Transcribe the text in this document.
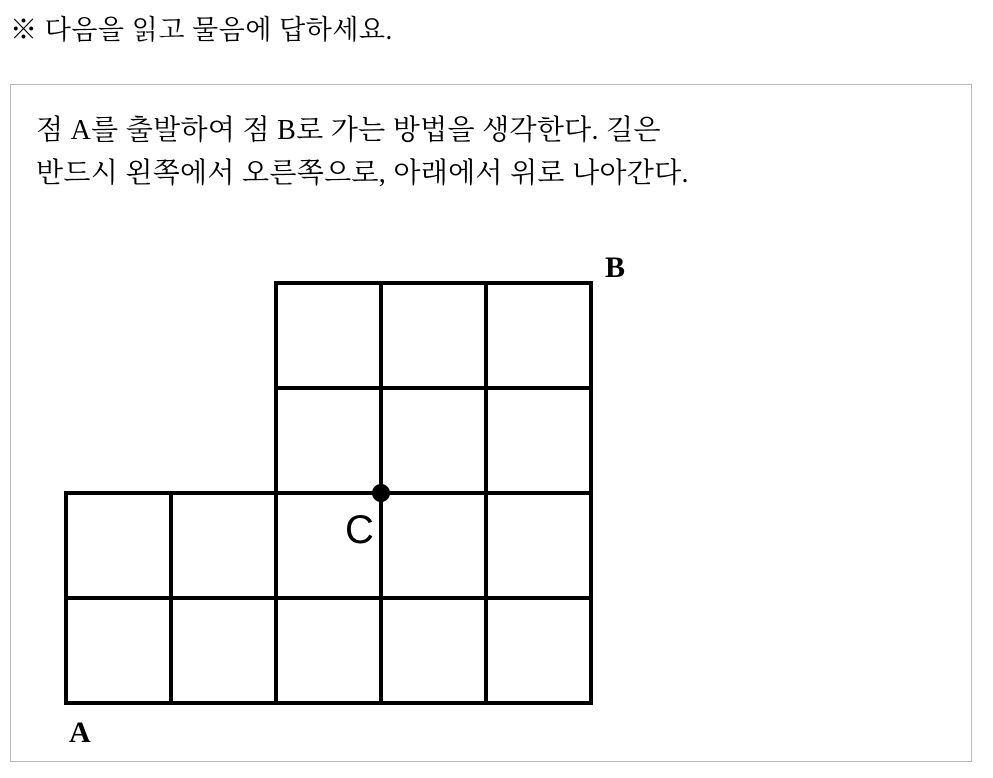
※ 다음을 읽고 물음에 답하세요.
점 A를 출발하여 점 B로 가는 방법을 생각한다. 길은
반드시 왼쪽에서 오른쪽으로, 아래에서 위로 나아간다.
B
A
C
